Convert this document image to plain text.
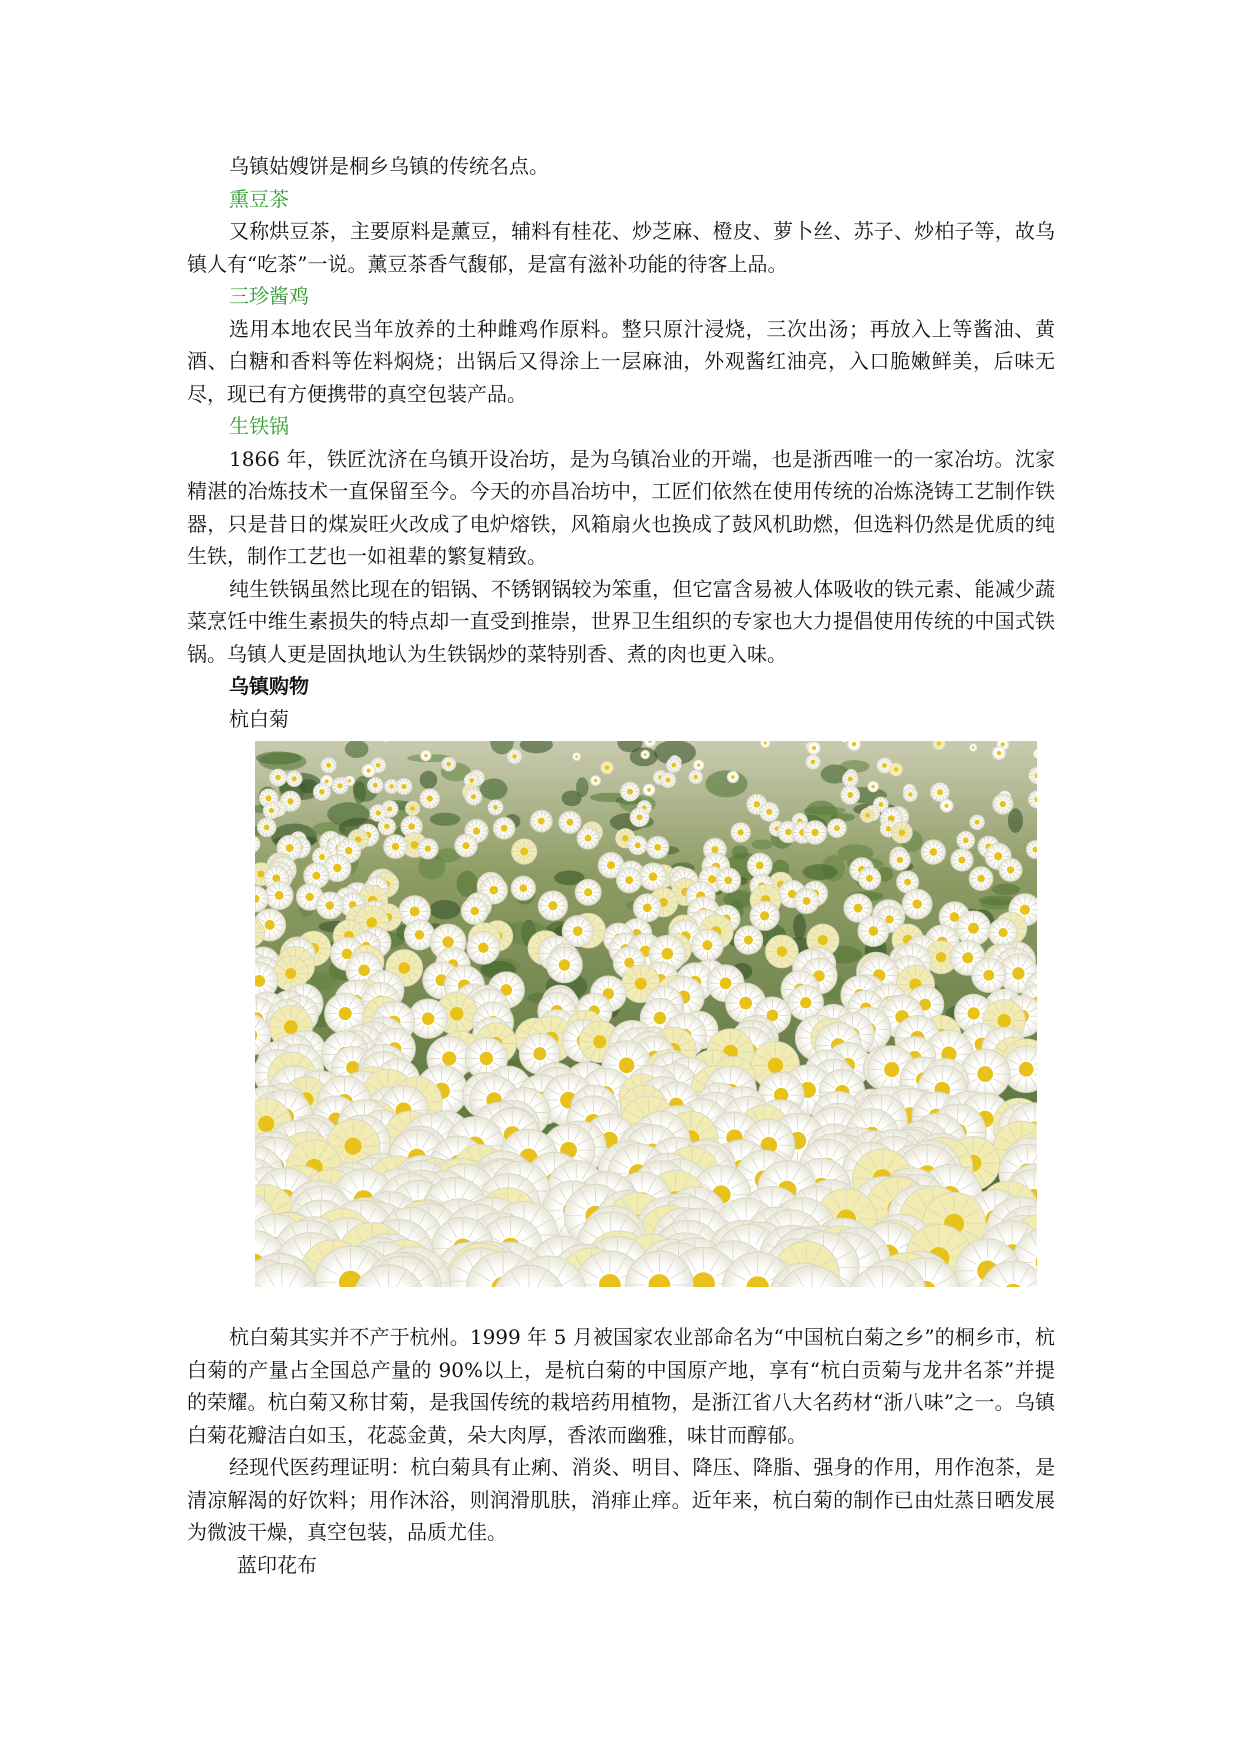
乌镇姑嫂饼是桐乡乌镇的传统名点。

熏豆茶

又称烘豆茶，主要原料是薰豆，辅料有桂花、炒芝麻、橙皮、萝卜丝、苏子、炒柏子等，故乌镇人有“吃茶”一说。薰豆茶香气馥郁，是富有滋补功能的待客上品。

三珍酱鸡

选用本地农民当年放养的土种雌鸡作原料。整只原汁浸烧，三次出汤；再放入上等酱油、黄酒、白糖和香料等佐料焖烧；出锅后又得涂上一层麻油，外观酱红油亮，入口脆嫩鲜美，后味无尽，现已有方便携带的真空包装产品。

生铁锅

1866 年，铁匠沈济在乌镇开设冶坊，是为乌镇冶业的开端，也是浙西唯一的一家冶坊。沈家精湛的冶炼技术一直保留至今。今天的亦昌冶坊中，工匠们依然在使用传统的冶炼浇铸工艺制作铁器，只是昔日的煤炭旺火改成了电炉熔铁，风箱扇火也换成了鼓风机助燃，但选料仍然是优质的纯生铁，制作工艺也一如祖辈的繁复精致。

纯生铁锅虽然比现在的铝锅、不锈钢锅较为笨重，但它富含易被人体吸收的铁元素、能减少蔬菜烹饪中维生素损失的特点却一直受到推崇，世界卫生组织的专家也大力提倡使用传统的中国式铁锅。乌镇人更是固执地认为生铁锅炒的菜特别香、煮的肉也更入味。

乌镇购物

杭白菊

杭白菊其实并不产于杭州。1999 年 5 月被国家农业部命名为“中国杭白菊之乡”的桐乡市，杭白菊的产量占全国总产量的 90%以上，是杭白菊的中国原产地，享有“杭白贡菊与龙井名茶”并提的荣耀。杭白菊又称甘菊，是我国传统的栽培药用植物，是浙江省八大名药材“浙八味”之一。乌镇白菊花瓣洁白如玉，花蕊金黄，朵大肉厚，香浓而幽雅，味甘而醇郁。

经现代医药理证明：杭白菊具有止痢、消炎、明目、降压、降脂、强身的作用，用作泡茶，是清凉解渴的好饮料；用作沐浴，则润滑肌肤，消痱止痒。近年来，杭白菊的制作已由灶蒸日晒发展为微波干燥，真空包装，品质尤佳。

蓝印花布
